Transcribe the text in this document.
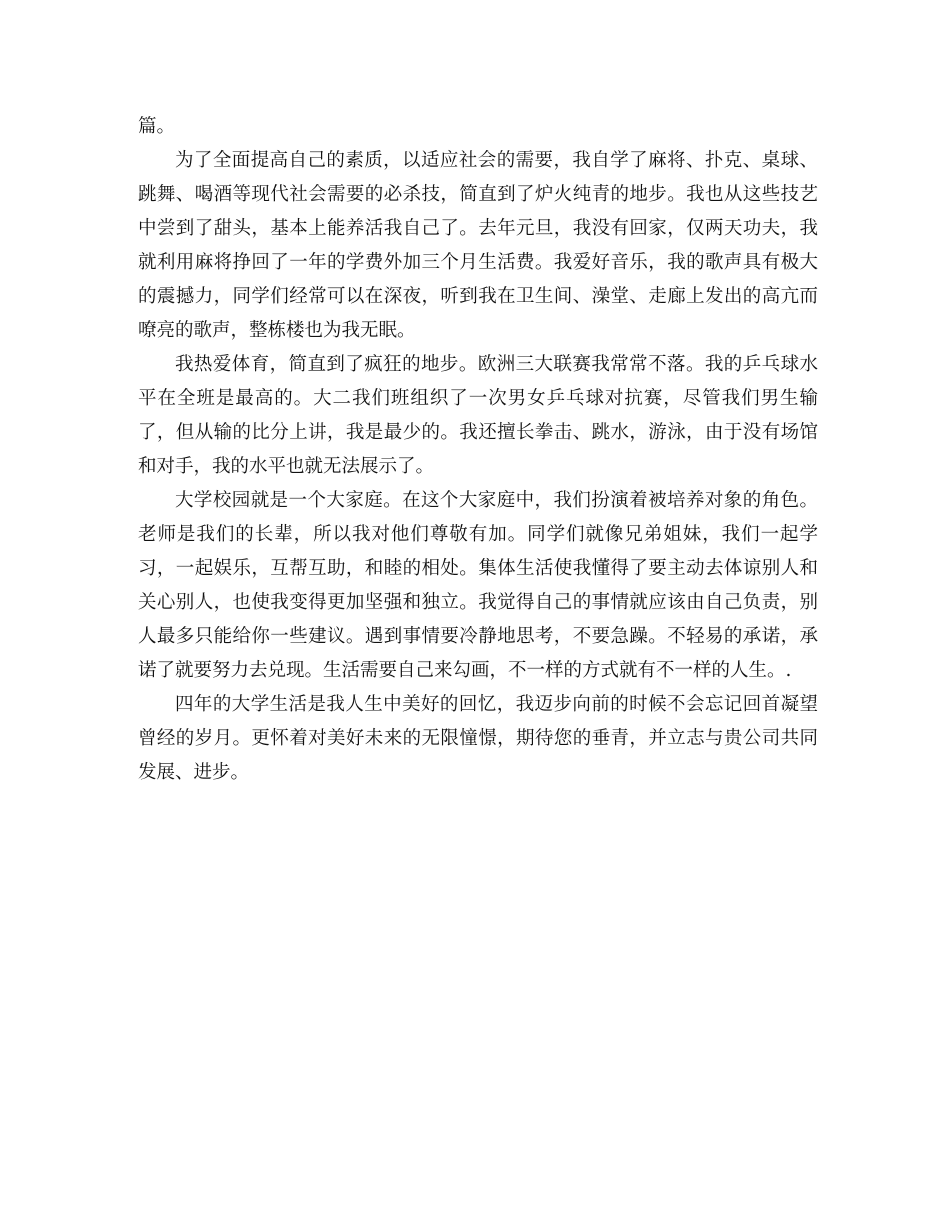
篇。

为了全面提高自己的素质，以适应社会的需要，我自学了麻将、扑克、桌球、跳舞、喝酒等现代社会需要的必杀技，简直到了炉火纯青的地步。我也从这些技艺中尝到了甜头，基本上能养活我自己了。去年元旦，我没有回家，仅两天功夫，我就利用麻将挣回了一年的学费外加三个月生活费。我爱好音乐，我的歌声具有极大的震撼力，同学们经常可以在深夜，听到我在卫生间、澡堂、走廊上发出的高亢而嘹亮的歌声，整栋楼也为我无眠。

我热爱体育，简直到了疯狂的地步。欧洲三大联赛我常常不落。我的乒乓球水平在全班是最高的。大二我们班组织了一次男女乒乓球对抗赛，尽管我们男生输了，但从输的比分上讲，我是最少的。我还擅长拳击、跳水，游泳，由于没有场馆和对手，我的水平也就无法展示了。

大学校园就是一个大家庭。在这个大家庭中，我们扮演着被培养对象的角色。老师是我们的长辈，所以我对他们尊敬有加。同学们就像兄弟姐妹，我们一起学习，一起娱乐，互帮互助，和睦的相处。集体生活使我懂得了要主动去体谅别人和关心别人，也使我变得更加坚强和独立。我觉得自己的事情就应该由自己负责，别人最多只能给你一些建议。遇到事情要冷静地思考，不要急躁。不轻易的承诺，承诺了就要努力去兑现。生活需要自己来勾画，不一样的方式就有不一样的人生。.

四年的大学生活是我人生中美好的回忆，我迈步向前的时候不会忘记回首凝望曾经的岁月。更怀着对美好未来的无限憧憬，期待您的垂青，并立志与贵公司共同发展、进步。
